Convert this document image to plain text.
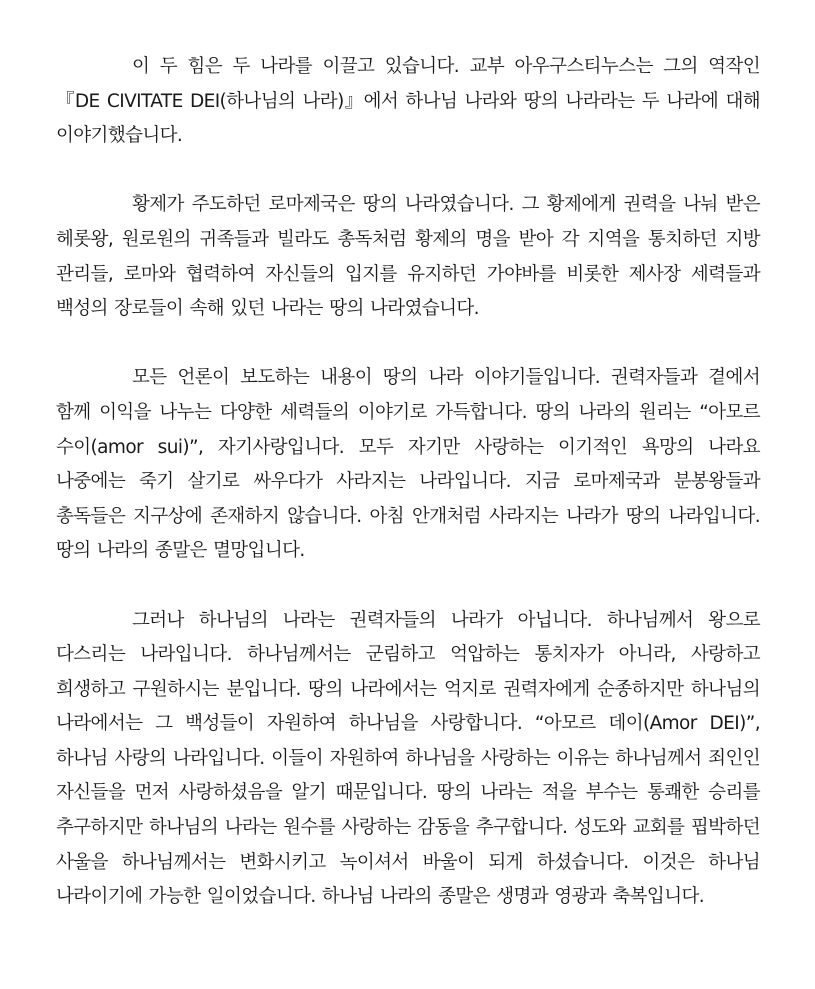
이 두 힘은 두 나라를 이끌고 있습니다. 교부 아우구스티누스는 그의 역작인『DE CIVITATE DEI(하나님의 나라)』에서 하나님 나라와 땅의 나라라는 두 나라에 대해 이야기했습니다.

황제가 주도하던 로마제국은 땅의 나라였습니다. 그 황제에게 권력을 나눠 받은 헤롯왕, 원로원의 귀족들과 빌라도 총독처럼 황제의 명을 받아 각 지역을 통치하던 지방 관리들, 로마와 협력하여 자신들의 입지를 유지하던 가야바를 비롯한 제사장 세력들과 백성의 장로들이 속해 있던 나라는 땅의 나라였습니다.

모든 언론이 보도하는 내용이 땅의 나라 이야기들입니다. 권력자들과 곁에서 함께 이익을 나누는 다양한 세력들의 이야기로 가득합니다. 땅의 나라의 원리는 “아모르 수이(amor sui)”, 자기사랑입니다. 모두 자기만 사랑하는 이기적인 욕망의 나라요 나중에는 죽기 살기로 싸우다가 사라지는 나라입니다. 지금 로마제국과 분봉왕들과 총독들은 지구상에 존재하지 않습니다. 아침 안개처럼 사라지는 나라가 땅의 나라입니다. 땅의 나라의 종말은 멸망입니다.

그러나 하나님의 나라는 권력자들의 나라가 아닙니다. 하나님께서 왕으로 다스리는 나라입니다. 하나님께서는 군림하고 억압하는 통치자가 아니라, 사랑하고 희생하고 구원하시는 분입니다. 땅의 나라에서는 억지로 권력자에게 순종하지만 하나님의 나라에서는 그 백성들이 자원하여 하나님을 사랑합니다. “아모르 데이(Amor DEI)”, 하나님 사랑의 나라입니다. 이들이 자원하여 하나님을 사랑하는 이유는 하나님께서 죄인인 자신들을 먼저 사랑하셨음을 알기 때문입니다. 땅의 나라는 적을 부수는 통쾌한 승리를 추구하지만 하나님의 나라는 원수를 사랑하는 감동을 추구합니다. 성도와 교회를 핍박하던 사울을 하나님께서는 변화시키고 녹이셔서 바울이 되게 하셨습니다. 이것은 하나님 나라이기에 가능한 일이었습니다. 하나님 나라의 종말은 생명과 영광과 축복입니다.
